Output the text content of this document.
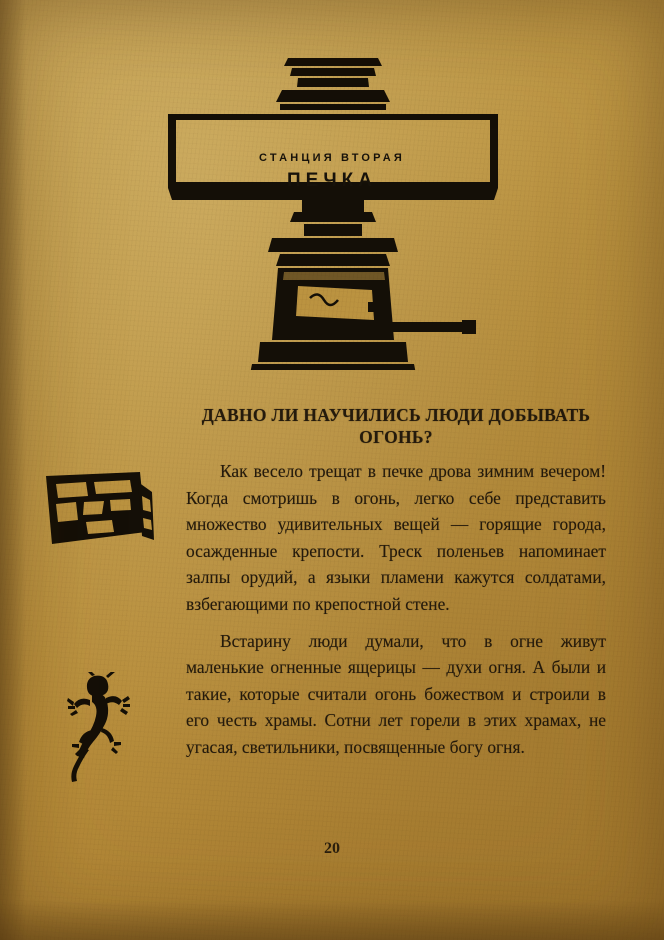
СТАНЦИЯ ВТОРАЯ
ПЕЧКА
ДАВНО ЛИ НАУЧИЛИСЬ ЛЮДИ ДОБЫВАТЬ ОГОНЬ?

Как весело трещат в печке дрова зимним вечером! Когда смотришь в огонь, легко себе представить множество удивительных вещей — горящие города, осажденные крепости. Треск поленьев напоминает залпы орудий, а языки пламени кажутся солдатами, взбегающими по крепостной стене.

Встарину люди думали, что в огне живут маленькие огненные ящерицы — духи огня. А были и такие, которые считали огонь божеством и строили в его честь храмы. Сотни лет горели в этих храмах, не угасая, светильники, посвященные богу огня.

20
